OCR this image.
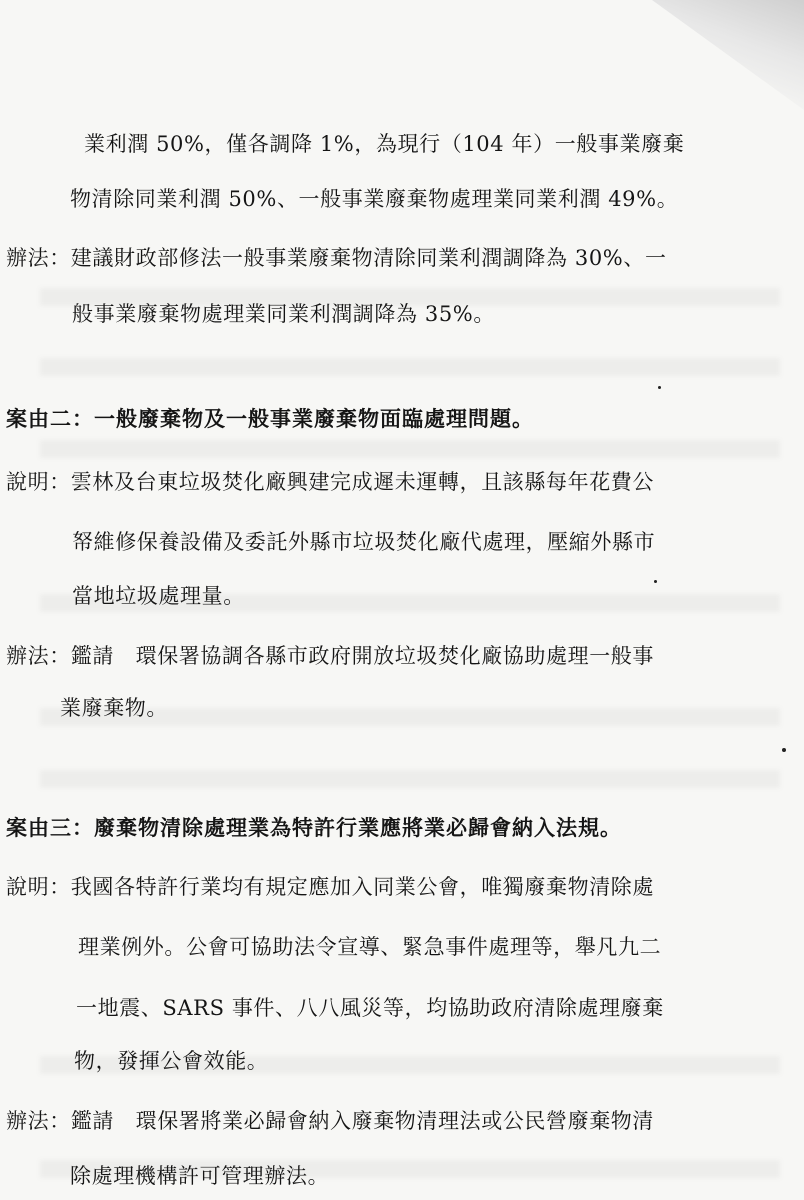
業利潤 50%，僅各調降 1%，為現行（104 年）一般事業廢棄
物清除同業利潤 50%、一般事業廢棄物處理業同業利潤 49%。
辦法：建議財政部修法一般事業廢棄物清除同業利潤調降為 30%、一
般事業廢棄物處理業同業利潤調降為 35%。
案由二：一般廢棄物及一般事業廢棄物面臨處理問題。
說明：雲林及台東垃圾焚化廠興建完成遲未運轉，且該縣每年花費公
帑維修保養設備及委託外縣市垃圾焚化廠代處理，壓縮外縣市
當地垃圾處理量。
辦法：鑑請　環保署協調各縣市政府開放垃圾焚化廠協助處理一般事
業廢棄物。
案由三：廢棄物清除處理業為特許行業應將業必歸會納入法規。
說明：我國各特許行業均有規定應加入同業公會，唯獨廢棄物清除處
理業例外。公會可協助法令宣導、緊急事件處理等，舉凡九二
一地震、SARS 事件、八八風災等，均協助政府清除處理廢棄
物，發揮公會效能。
辦法：鑑請　環保署將業必歸會納入廢棄物清理法或公民營廢棄物清
除處理機構許可管理辦法。
